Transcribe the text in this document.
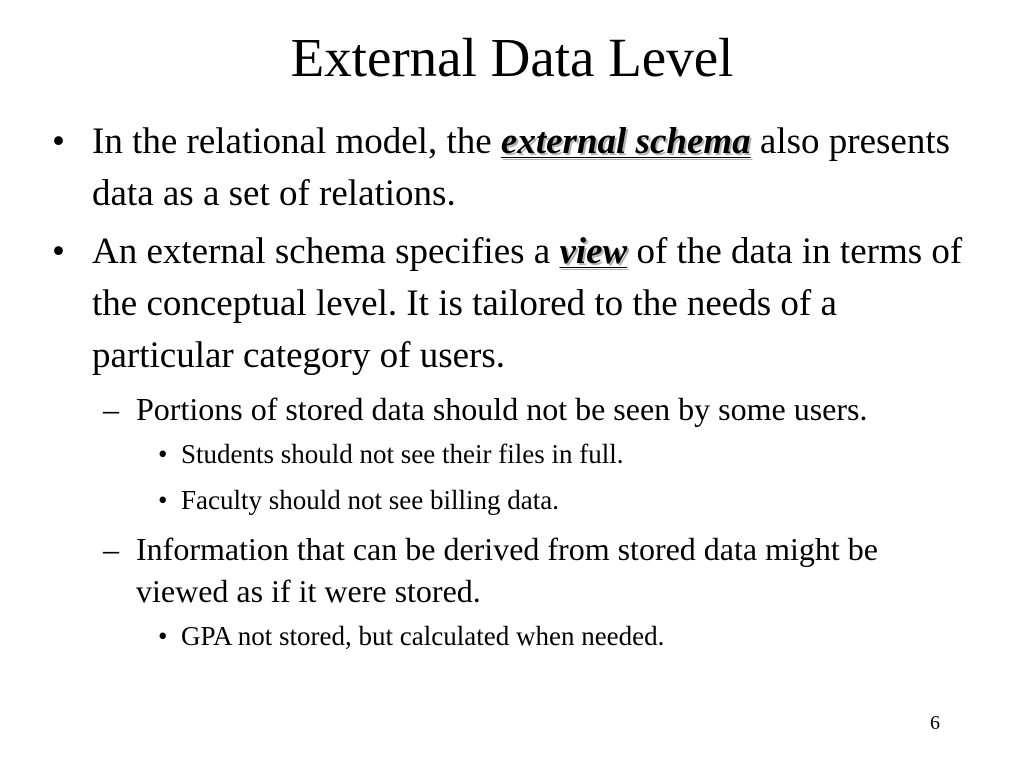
External Data Level
• In the relational model, the external schema also presents data as a set of relations.
• An external schema specifies a view of the data in terms of the conceptual level. It is tailored to the needs of a particular category of users.
– Portions of stored data should not be seen by some users.
• Students should not see their files in full.
• Faculty should not see billing data.
– Information that can be derived from stored data might be viewed as if it were stored.
• GPA not stored, but calculated when needed.
6
